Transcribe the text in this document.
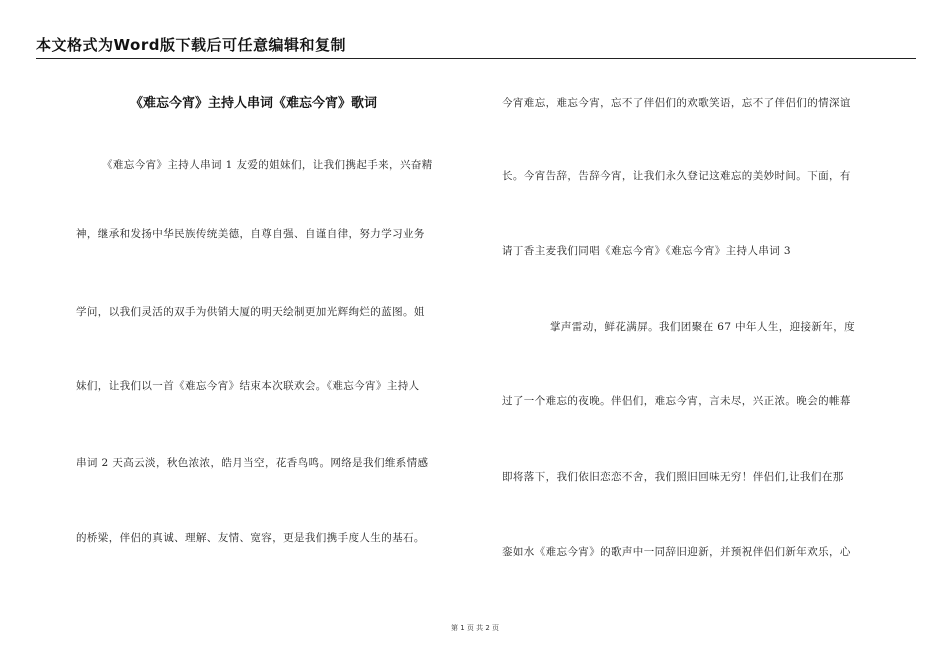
本文格式为Word版下载后可任意编辑和复制
《难忘今宵》主持人串词《难忘今宵》歌词
《难忘今宵》主持人串词 1 友爱的姐妹们，让我们携起手来，兴奋精
神，继承和发扬中华民族传统美德，自尊自强、自谨自律，努力学习业务
学问，以我们灵活的双手为供销大厦的明天绘制更加光辉绚烂的蓝图。姐
妹们，让我们以一首《难忘今宵》结束本次联欢会。《难忘今宵》主持人
串词 2 天高云淡，秋色浓浓，皓月当空，花香鸟鸣。网络是我们维系情感
的桥梁，伴侣的真诚、理解、友情、宽容，更是我们携手度人生的基石。
今宵难忘，难忘今宵，忘不了伴侣们的欢歌笑语，忘不了伴侣们的情深谊
长。今宵告辞，告辞今宵，让我们永久登记这难忘的美妙时间。下面，有
请丁香主麦我们同唱《难忘今宵》《难忘今宵》主持人串词 3
掌声雷动，鲜花满屏。我们团聚在 67 中年人生，迎接新年，度
过了一个难忘的夜晚。伴侣们，难忘今宵，言未尽，兴正浓。晚会的帷幕
即将落下，我们依旧恋恋不舍，我们照旧回味无穷！伴侣们,让我们在那
銮如水《难忘今宵》的歌声中一同辞旧迎新，并预祝伴侣们新年欢乐，心
第 1 页 共 2 页
